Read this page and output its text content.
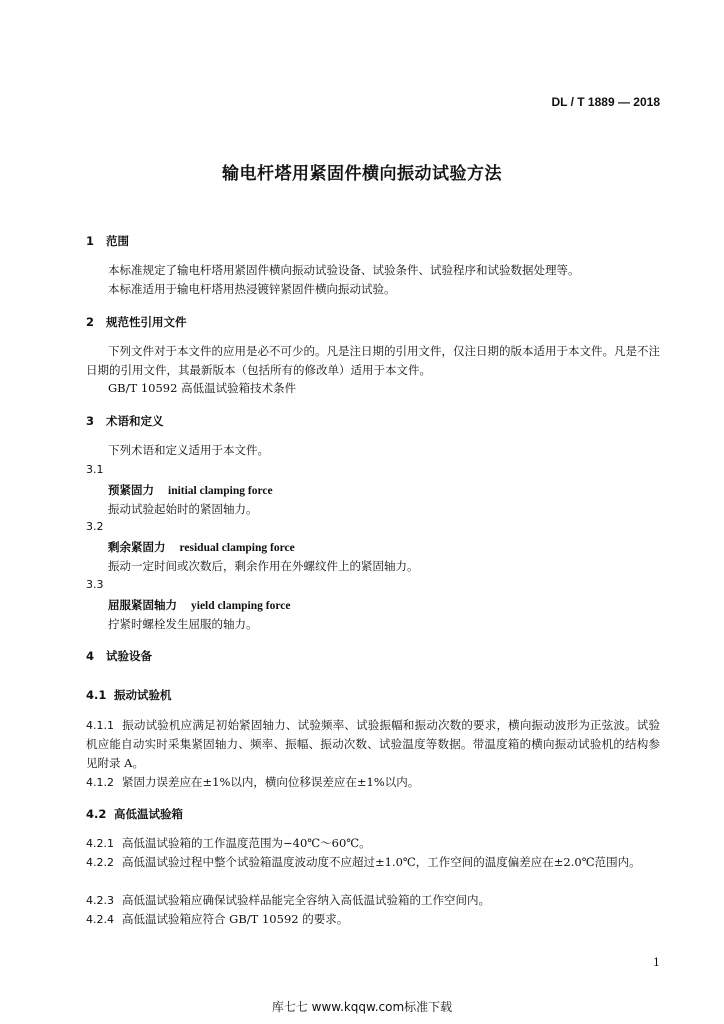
DL / T 1889 — 2018
输电杆塔用紧固件横向振动试验方法
1 范围
本标准规定了输电杆塔用紧固件横向振动试验设备、试验条件、试验程序和试验数据处理等。
本标准适用于输电杆塔用热浸镀锌紧固件横向振动试验。
2 规范性引用文件
下列文件对于本文件的应用是必不可少的。凡是注日期的引用文件，仅注日期的版本适用于本文件。凡是不注日期的引用文件，其最新版本（包括所有的修改单）适用于本文件。
GB/T 10592 高低温试验箱技术条件
3 术语和定义
下列术语和定义适用于本文件。
3.1
预紧固力 initial clamping force
振动试验起始时的紧固轴力。
3.2
剩余紧固力 residual clamping force
振动一定时间或次数后，剩余作用在外螺纹件上的紧固轴力。
3.3
屈服紧固轴力 yield clamping force
拧紧时螺栓发生屈服的轴力。
4 试验设备
4.1 振动试验机
4.1.1 振动试验机应满足初始紧固轴力、试验频率、试验振幅和振动次数的要求，横向振动波形为正弦波。试验机应能自动实时采集紧固轴力、频率、振幅、振动次数、试验温度等数据。带温度箱的横向振动试验机的结构参见附录 A。
4.1.2 紧固力误差应在±1%以内，横向位移误差应在±1%以内。
4.2 高低温试验箱
4.2.1 高低温试验箱的工作温度范围为−40℃～60℃。
4.2.2 高低温试验过程中整个试验箱温度波动度不应超过±1.0℃，工作空间的温度偏差应在±2.0℃范围内。
4.2.3 高低温试验箱应确保试验样品能完全容纳入高低温试验箱的工作空间内。
4.2.4 高低温试验箱应符合 GB/T 10592 的要求。
1
库七七 www.kqqw.com标准下载
